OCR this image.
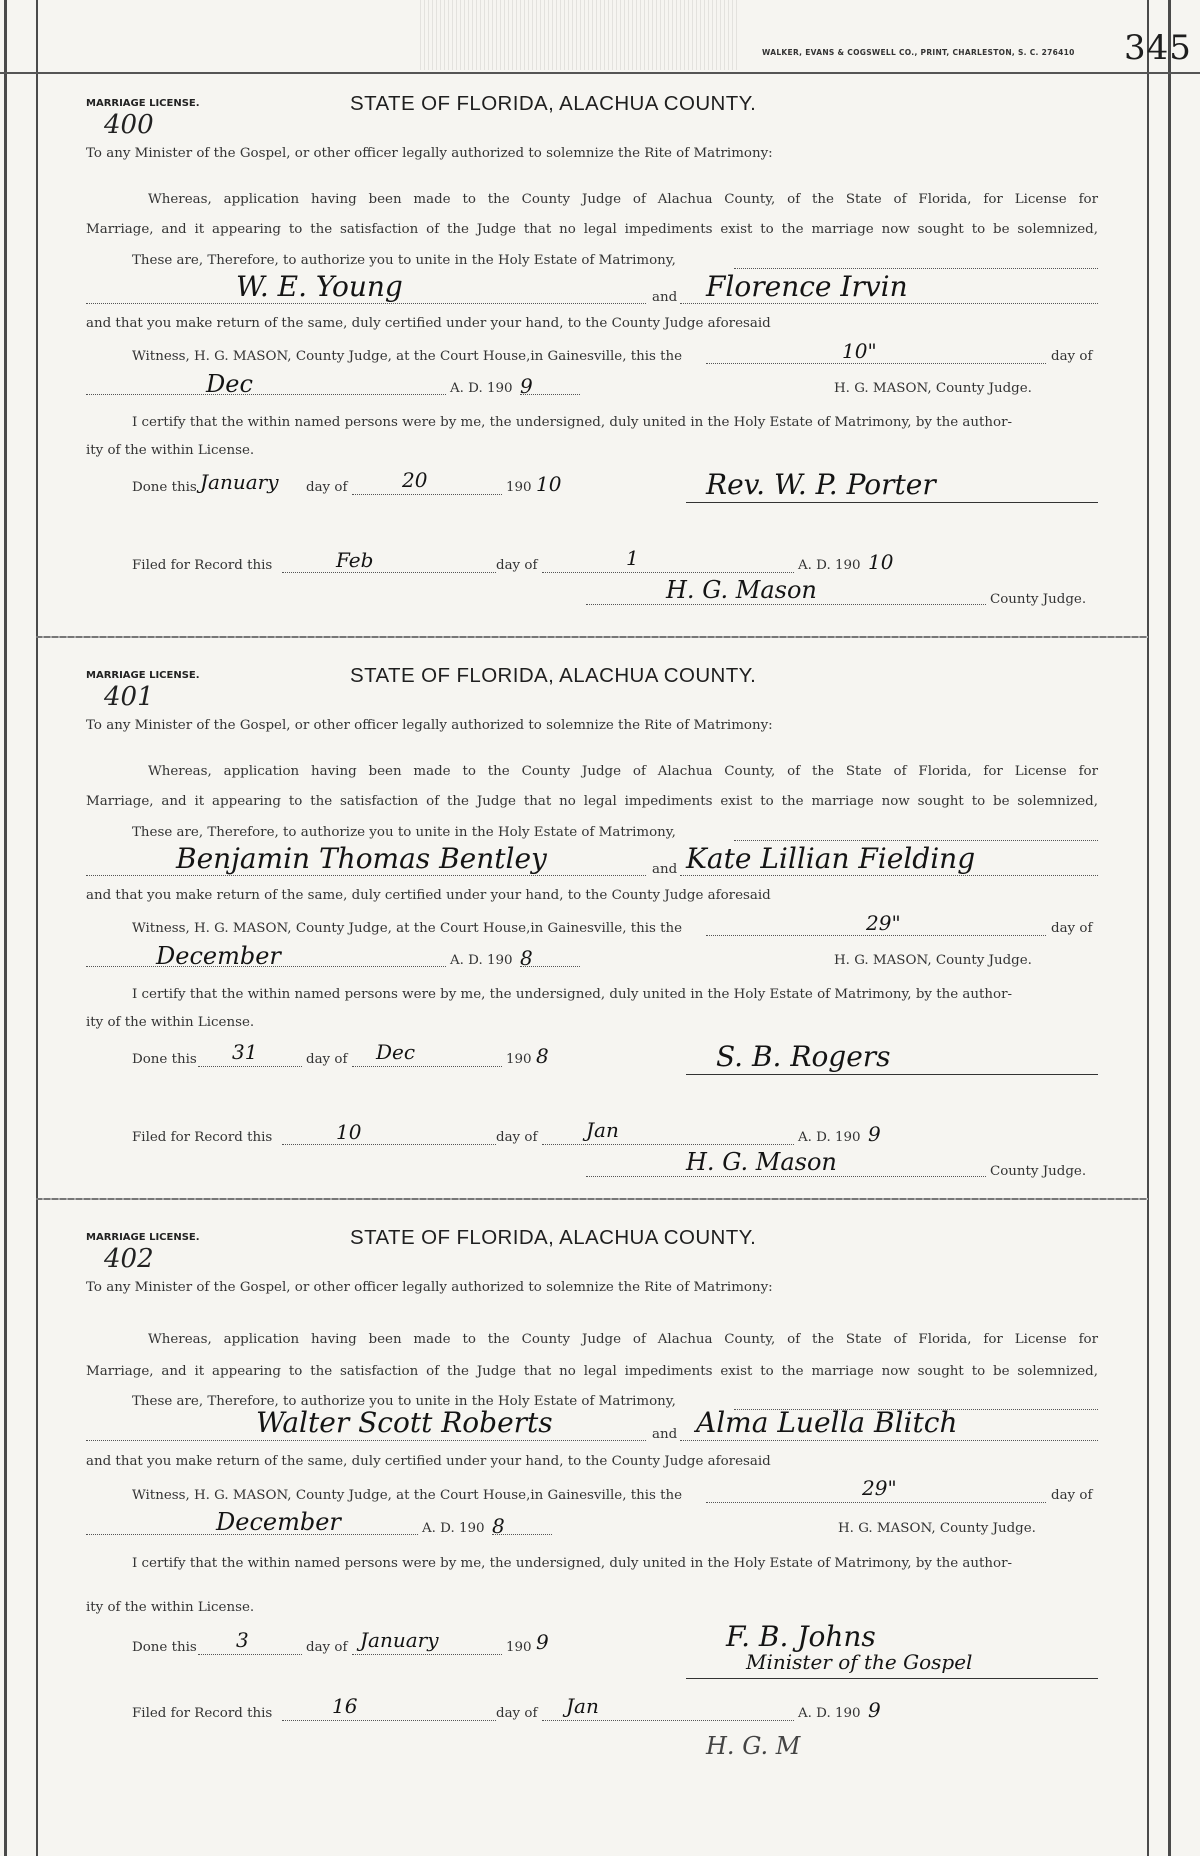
WALKER, EVANS & COGSWELL CO., PRINT, CHARLESTON, S. C. 276410	345
MARRIAGE LICENSE.
400
STATE OF FLORIDA, ALACHUA COUNTY.
To any Minister of the Gospel, or other officer legally authorized to solemnize the Rite of Matrimony:
Whereas, application having been made to the County Judge of Alachua County, of the State of Florida, for License for
Marriage, and it appearing to the satisfaction of the Judge that no legal impediments exist to the marriage now sought to be solemnized,
These are, Therefore, to authorize you to unite in the Holy Estate of Matrimony,
W. E. Young	and Florence Irvin
and that you make return of the same, duly certified under your hand, to the County Judge aforesaid
Witness, H. G. MASON, County Judge, at the Court House,in Gainesville, this the	10"	day of
Dec	A. D. 190 9	H. G. MASON, County Judge.
I certify that the within named persons were by me, the undersigned, duly united in the Holy Estate of Matrimony, by the author-
ity of the within License.
Done this January day of	20	190 10	Rev. W. P. Porter
Filed for Record this	Feb	day of	1	A. D. 190 10
H. G. Mason	County Judge.
MARRIAGE LICENSE.
401
STATE OF FLORIDA, ALACHUA COUNTY.
To any Minister of the Gospel, or other officer legally authorized to solemnize the Rite of Matrimony:
Whereas, application having been made to the County Judge of Alachua County, of the State of Florida, for License for
Marriage, and it appearing to the satisfaction of the Judge that no legal impediments exist to the marriage now sought to be solemnized,
These are, Therefore, to authorize you to unite in the Holy Estate of Matrimony,
Benjamin Thomas Bentley	and Kate Lillian Fielding
and that you make return of the same, duly certified under your hand, to the County Judge aforesaid
Witness, H. G. MASON, County Judge, at the Court House,in Gainesville, this the	29"	day of
December	A. D. 190 8	H. G. MASON, County Judge.
I certify that the within named persons were by me, the undersigned, duly united in the Holy Estate of Matrimony, by the author-
ity of the within License.
Done this 31	day of Dec	190 8	S. B. Rogers
Filed for Record this	10	day of Jan	A. D. 190 9
H. G. Mason	County Judge.
MARRIAGE LICENSE.
402
STATE OF FLORIDA, ALACHUA COUNTY.
To any Minister of the Gospel, or other officer legally authorized to solemnize the Rite of Matrimony:
Whereas, application having been made to the County Judge of Alachua County, of the State of Florida, for License for
Marriage, and it appearing to the satisfaction of the Judge that no legal impediments exist to the marriage now sought to be solemnized,
These are, Therefore, to authorize you to unite in the Holy Estate of Matrimony,
Walter Scott Roberts	and Alma Luella Blitch
and that you make return of the same, duly certified under your hand, to the County Judge aforesaid
Witness, H. G. MASON, County Judge, at the Court House,in Gainesville, this the	29"	day of
December	A. D. 190 8	H. G. MASON, County Judge.
I certify that the within named persons were by me, the undersigned, duly united in the Holy Estate of Matrimony, by the author-
ity of the within License.
Done this 3	day of January	190 9	F. B. Johns
Minister of the Gospel
Filed for Record this	16	day of Jan	A. D. 190 9
H. G. M
